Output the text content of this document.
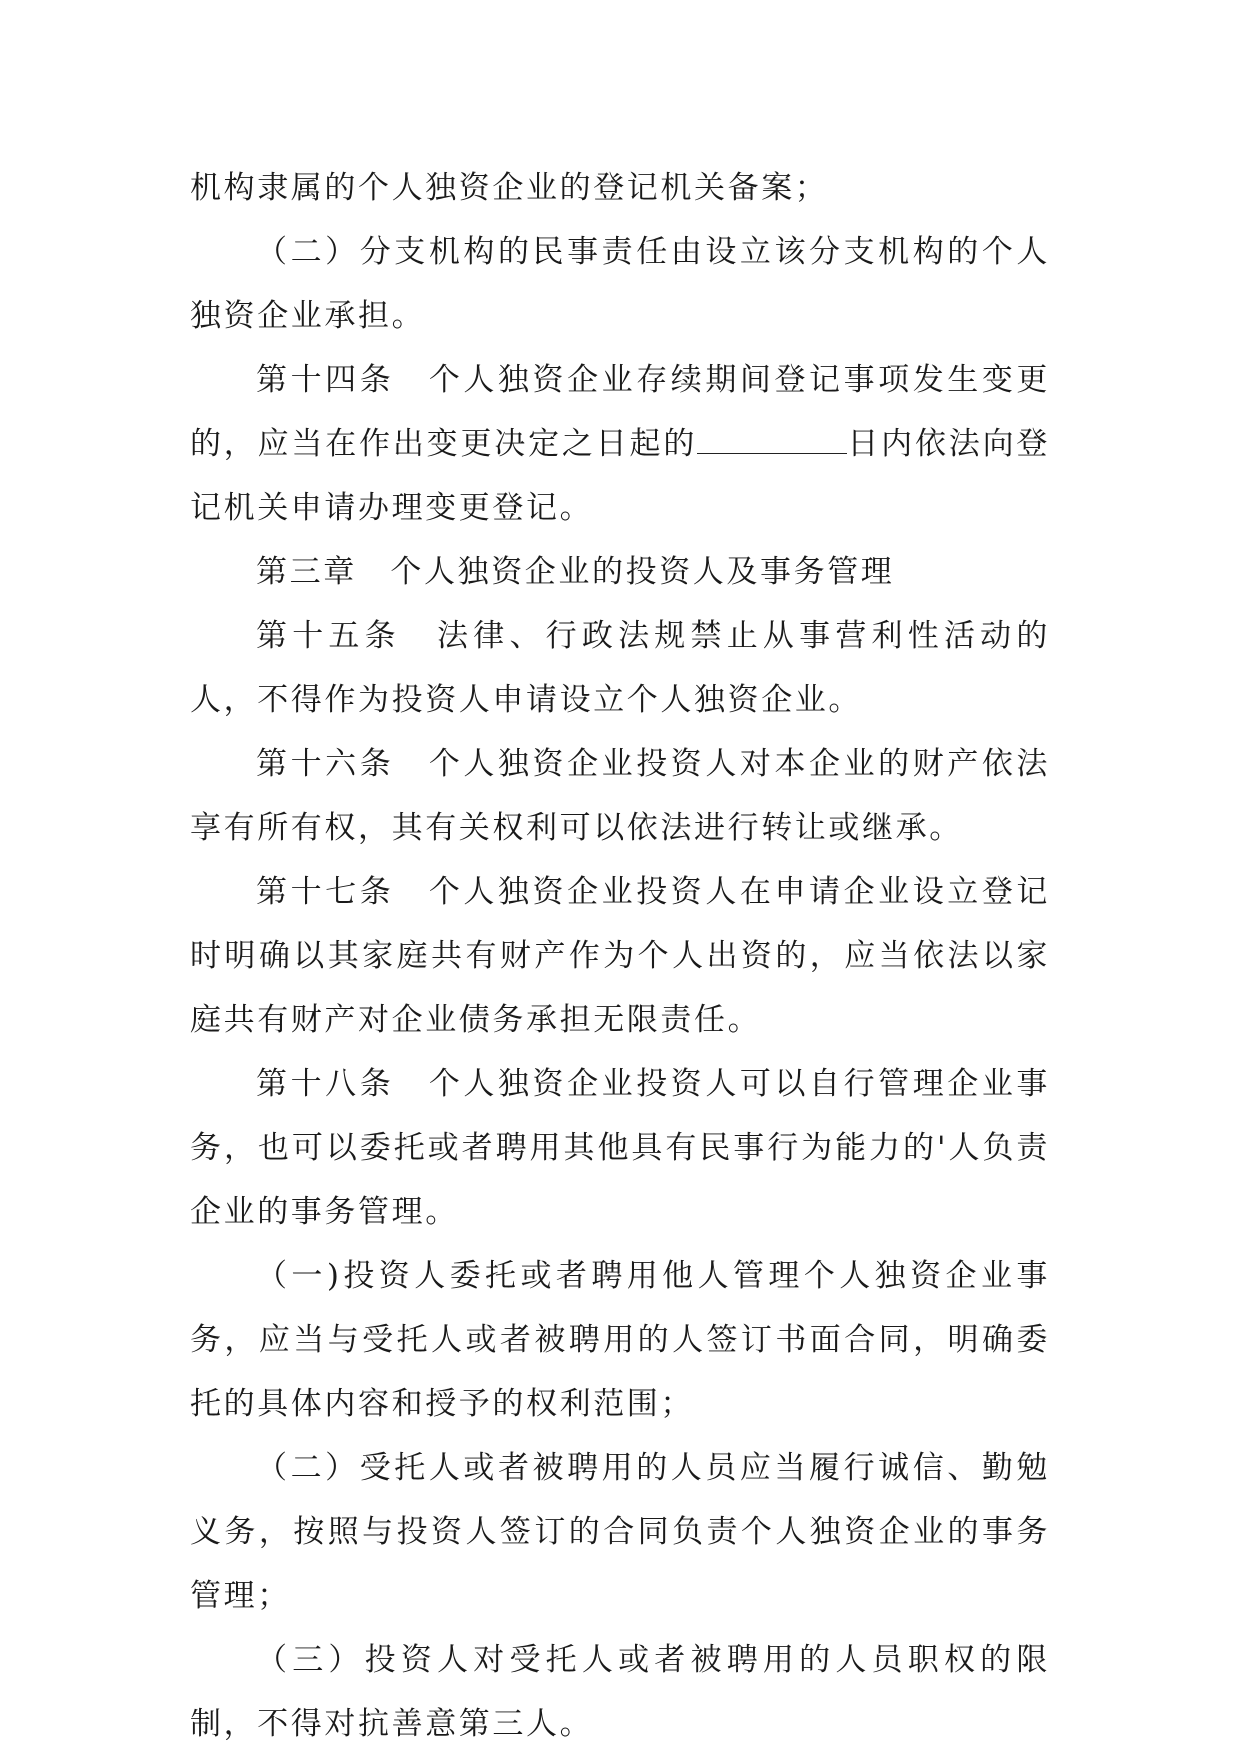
机构隶属的个人独资企业的登记机关备案；

（二）分支机构的民事责任由设立该分支机构的个人独资企业承担。

第十四条　个人独资企业存续期间登记事项发生变更的，应当在作出变更决定之日起的	日内依法向登记机关申请办理变更登记。

第三章　个人独资企业的投资人及事务管理

第十五条　法律、行政法规禁止从事营利性活动的人，不得作为投资人申请设立个人独资企业。

第十六条　个人独资企业投资人对本企业的财产依法享有所有权，其有关权利可以依法进行转让或继承。

第十七条　个人独资企业投资人在申请企业设立登记时明确以其家庭共有财产作为个人出资的，应当依法以家庭共有财产对企业债务承担无限责任。

第十八条　个人独资企业投资人可以自行管理企业事务，也可以委托或者聘用其他具有民事行为能力的'人负责企业的事务管理。

（一)投资人委托或者聘用他人管理个人独资企业事务，应当与受托人或者被聘用的人签订书面合同，明确委托的具体内容和授予的权利范围；

（二）受托人或者被聘用的人员应当履行诚信、勤勉义务，按照与投资人签订的合同负责个人独资企业的事务管理；

（三）投资人对受托人或者被聘用的人员职权的限制，不得对抗善意第三人。
